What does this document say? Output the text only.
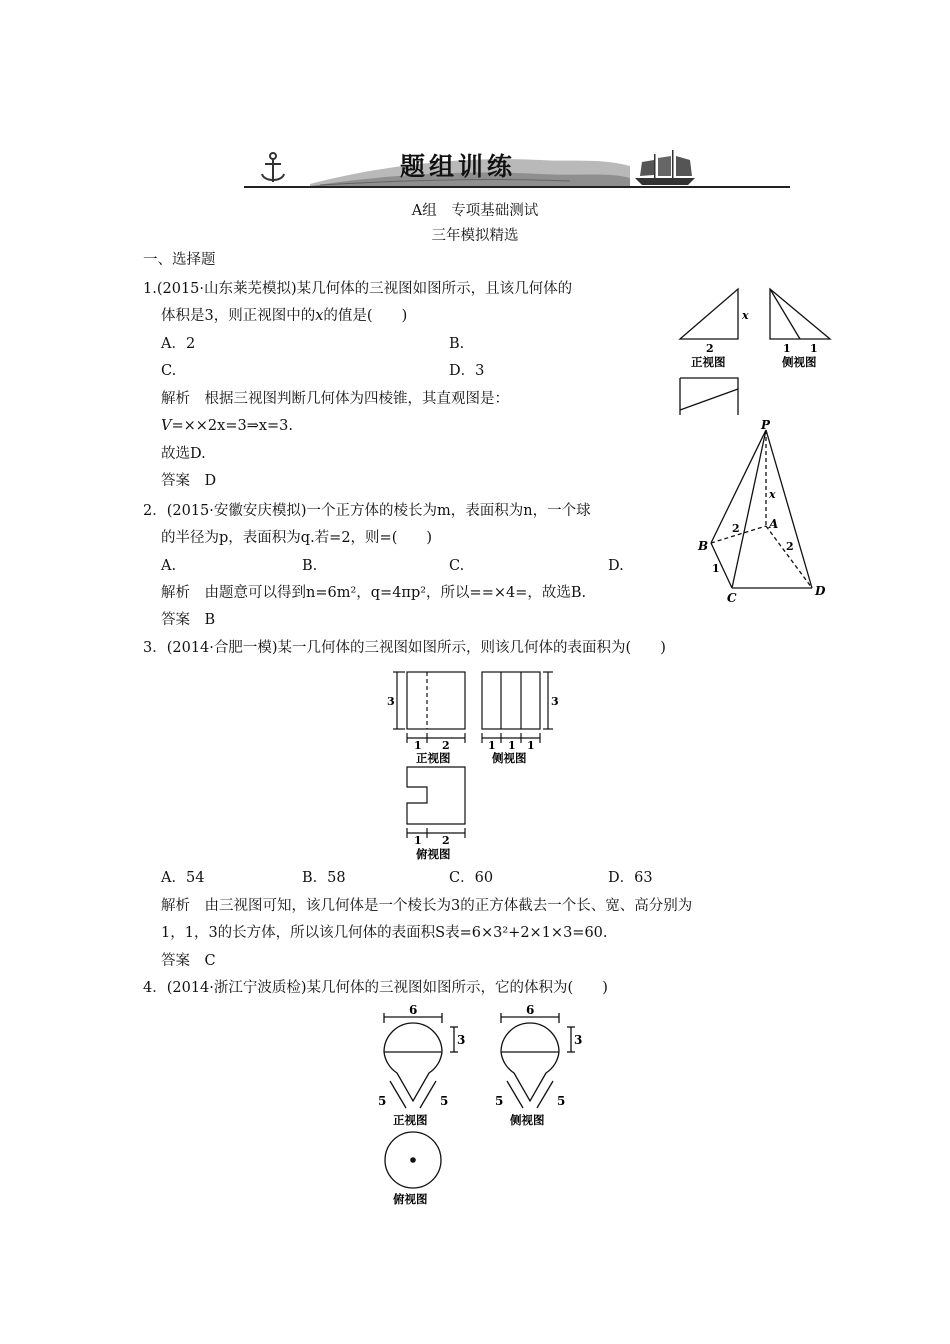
题组训练
A组　专项基础测试
三年模拟精选
一、选择题
1.(2015·山东莱芜模拟)某几何体的三视图如图所示，且该几何体的
体积是3，则正视图中的x的值是(　　)
A．2	B.
C.	D．3
解析　根据三视图判断几何体为四棱锥，其直观图是：
V=××2x=3⇒x=3.
故选D.
答案　D
x
2	1 1
正视图	侧视图
P
A
B
C	D
x
2
2
1
2．(2015·安徽安庆模拟)一个正方体的棱长为m，表面积为n，一个球
的半径为p，表面积为q.若=2，则=(　　)
A.	B.	C.	D.
解析　由题意可以得到n=6m²，q=4πp²，所以==×4=，故选B.
答案　B
3．(2014·合肥一模)某一几何体的三视图如图所示，则该几何体的表面积为(　　)
3	3
1 2	1 1 1
正视图	侧视图
1 2
俯视图
A．54	B．58	C．60	D．63
解析　由三视图可知，该几何体是一个棱长为3的正方体截去一个长、宽、高分别为
1，1，3的长方体，所以该几何体的表面积S表=6×3²+2×1×3=60.
答案　C
4．(2014·浙江宁波质检)某几何体的三视图如图所示，它的体积为(　　)
6
3
5	5
6
3
5	5
正视图	侧视图
俯视图
